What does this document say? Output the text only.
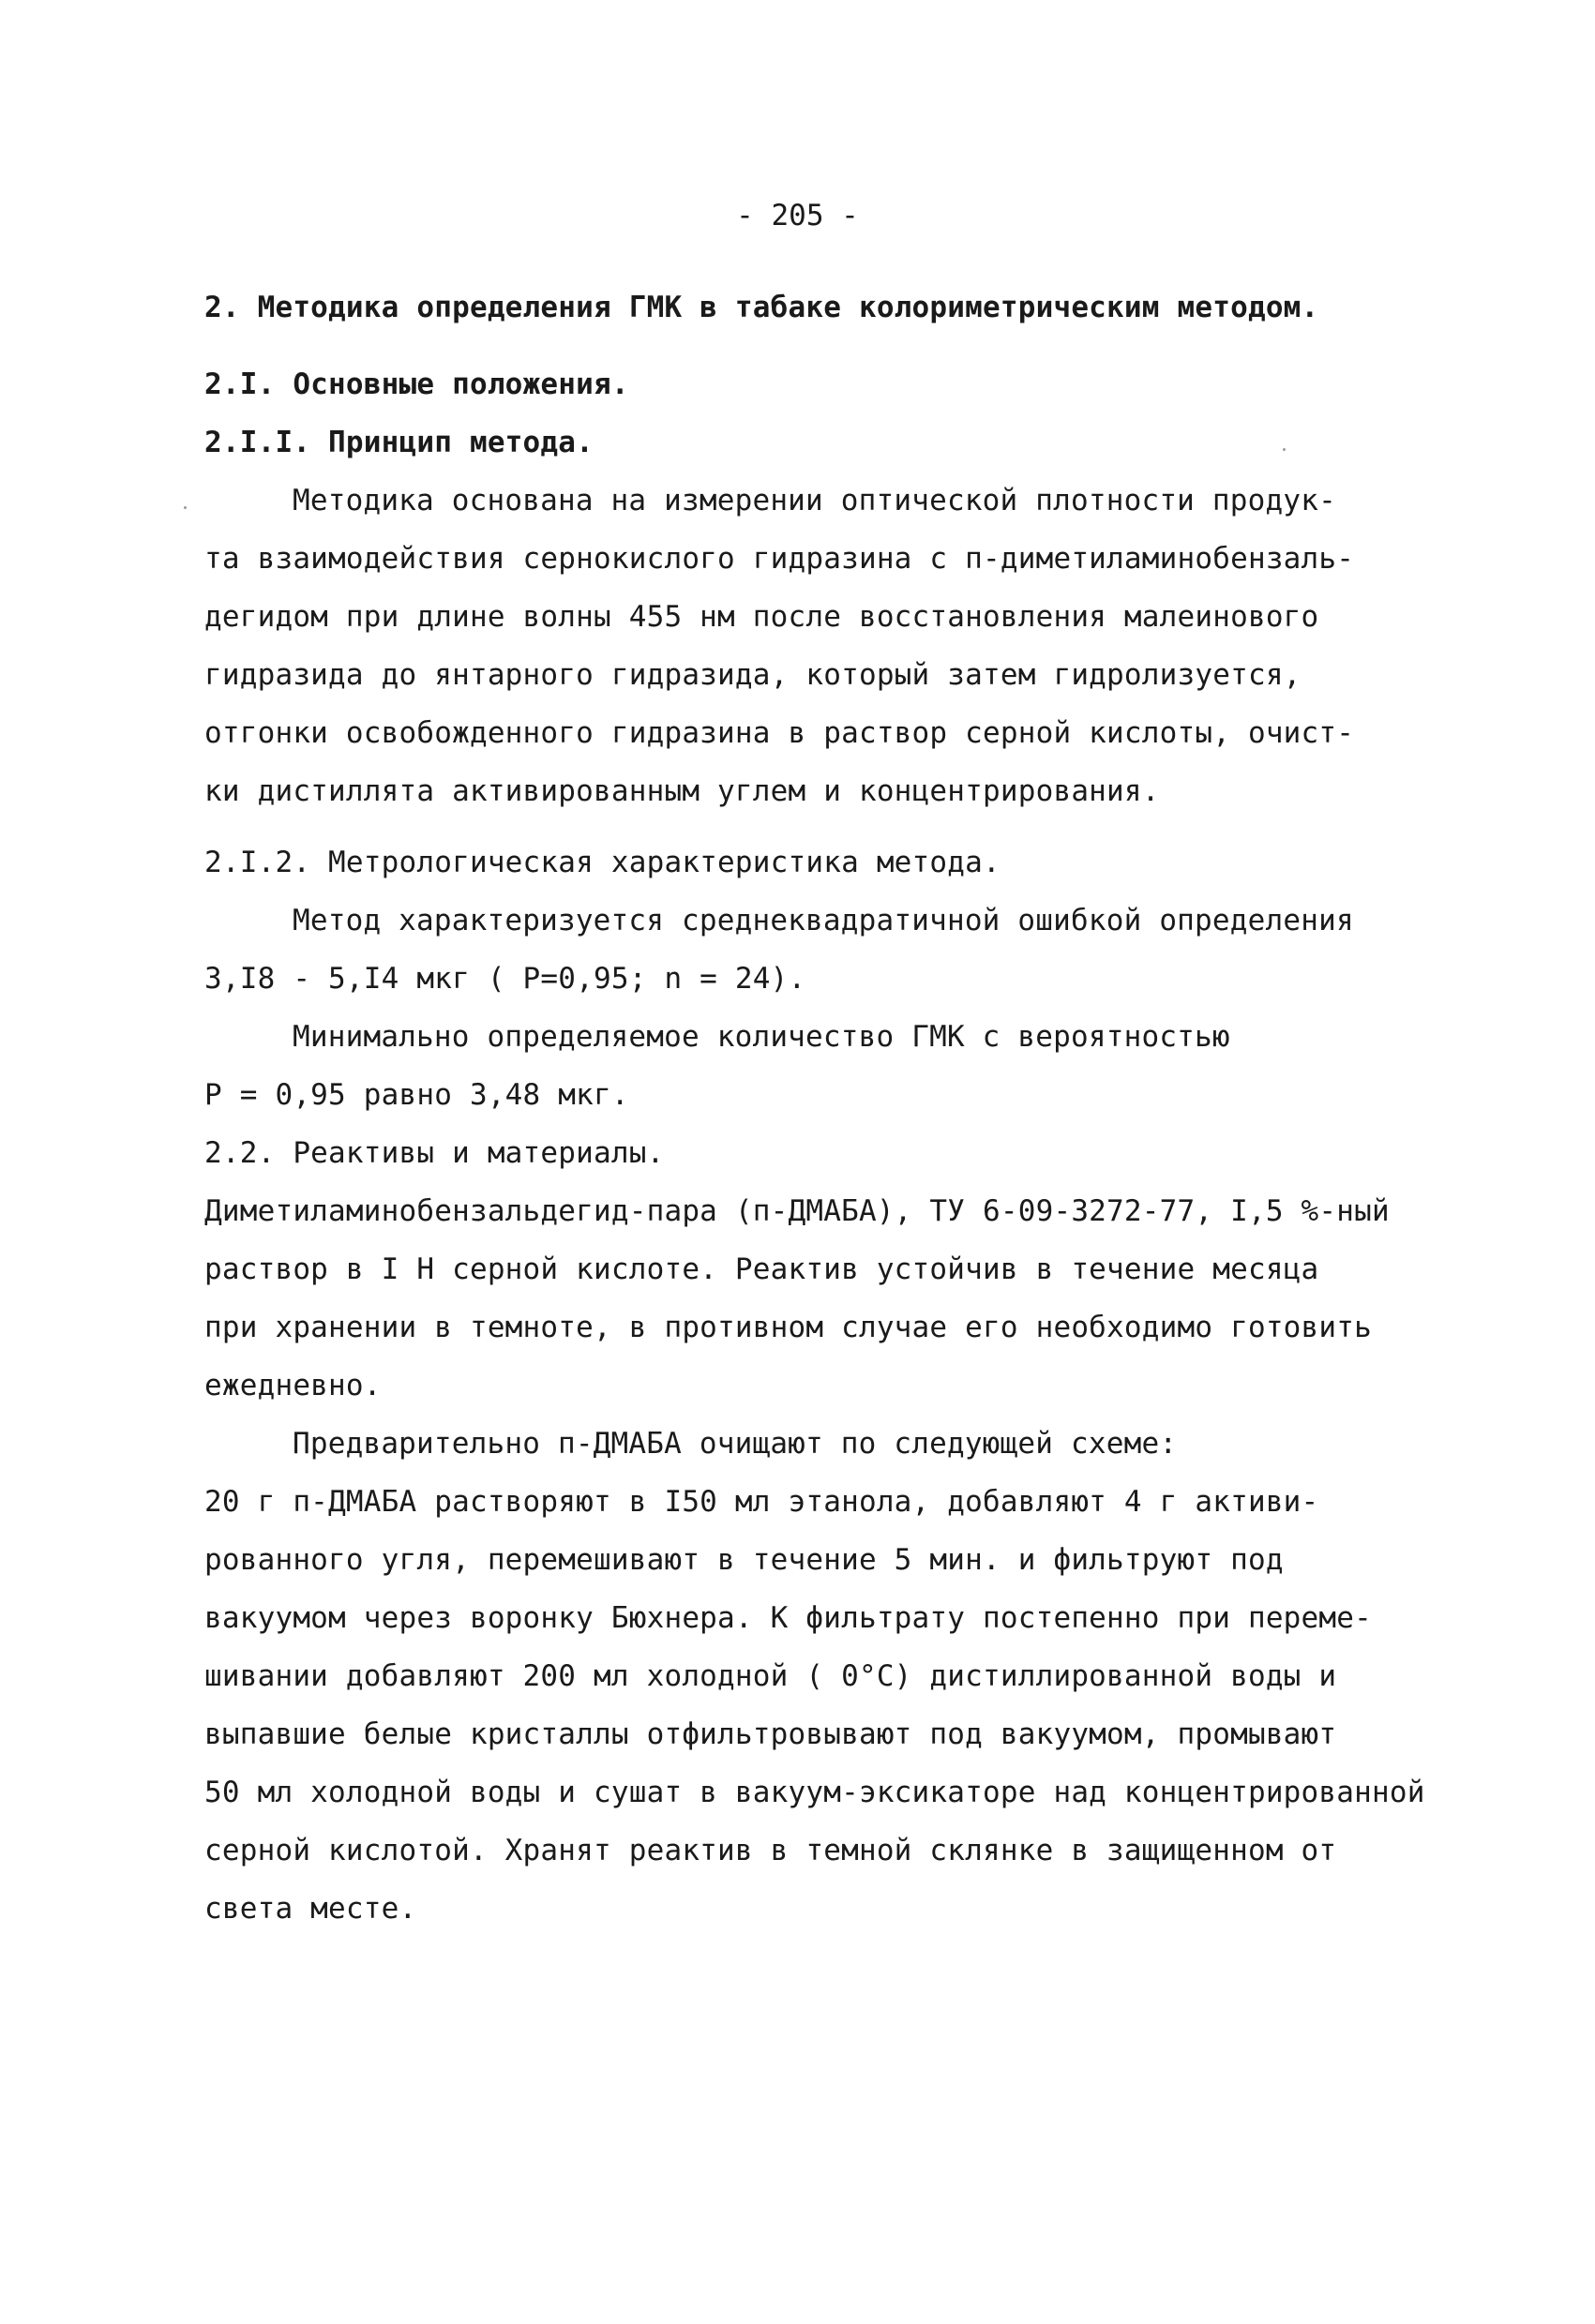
- 205 -
2. Методика определения ГМК в табаке колориметрическим методом.
2.I. Основные положения.
2.I.I. Принцип метода.
Методика основана на измерении оптической плотности продук-
та взаимодействия сернокислого гидразина с п-диметиламинобензаль-
дегидом при длине волны 455 нм после восстановления малеинового
гидразида до янтарного гидразида, который затем гидролизуется,
отгонки освобожденного гидразина в раствор серной кислоты, очист-
ки дистиллята активированным углем и концентрирования.
2.I.2. Метрологическая характеристика метода.
Метод характеризуется среднеквадратичной ошибкой определения
3,I8 - 5,I4 мкг ( P=0,95; n = 24).
Минимально определяемое количество ГМК с вероятностью
P = 0,95 равно 3,48 мкг.
2.2. Реактивы и материалы.
Диметиламинобензальдегид-пара (п-ДМАБА), ТУ 6-09-3272-77, I,5 %-ный
раствор в I Н серной кислоте. Реактив устойчив в течение месяца
при хранении в темноте, в противном случае его необходимо готовить
ежедневно.
Предварительно п-ДМАБА очищают по следующей схеме:
20 г п-ДМАБА растворяют в I50 мл этанола, добавляют 4 г активи-
рованного угля, перемешивают в течение 5 мин. и фильтруют под
вакуумом через воронку Бюхнера. К фильтрату постепенно при переме-
шивании добавляют 200 мл холодной ( 0°С) дистиллированной воды и
выпавшие белые кристаллы отфильтровывают под вакуумом, промывают
50 мл холодной воды и сушат в вакуум-эксикаторе над концентрированной
серной кислотой. Хранят реактив в темной склянке в защищенном от
света месте.
